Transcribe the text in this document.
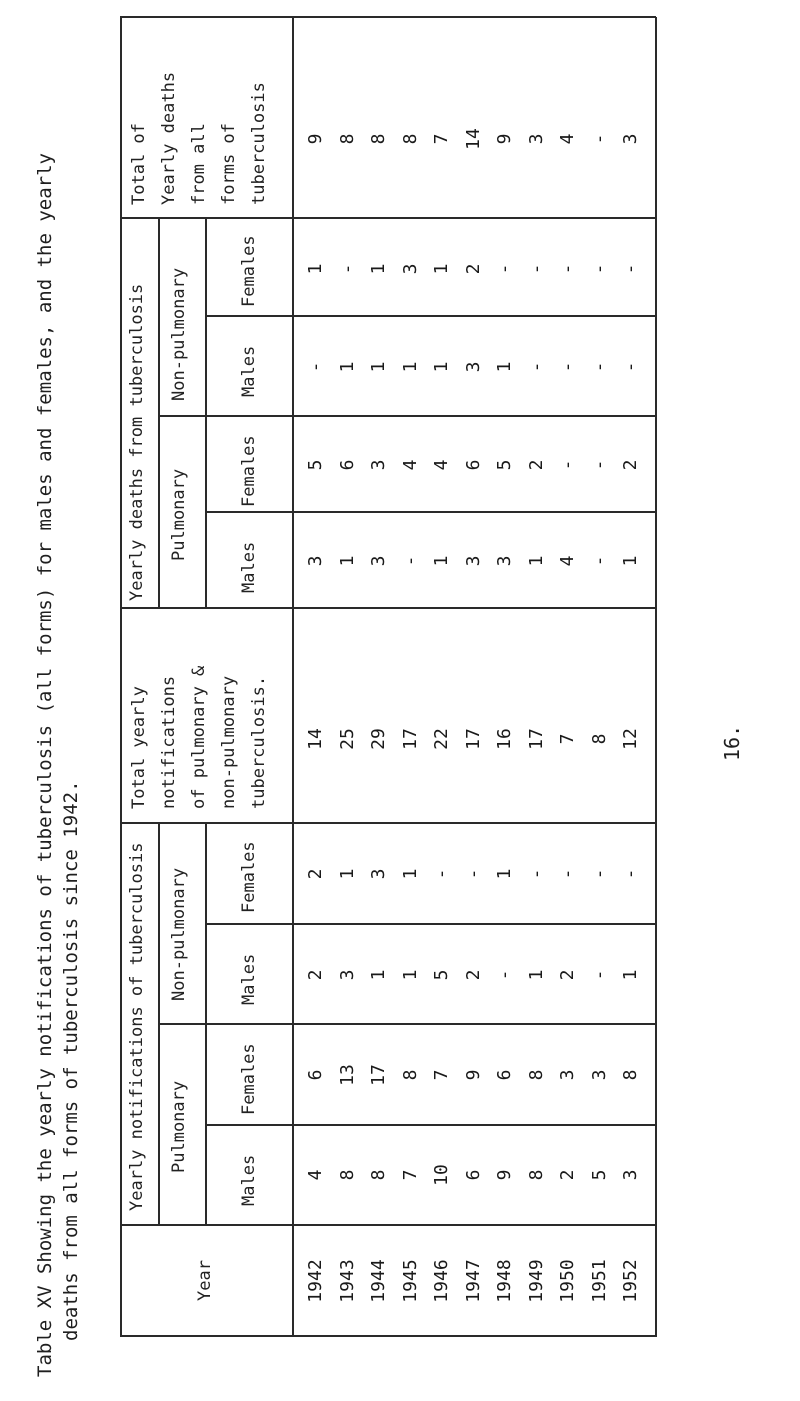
Table XV Showing the yearly notifications of tuberculosis (all forms) for males and females, and the yearly deaths from all forms of tuberculosis since 1942.	Year
Yearly notifications of tuberculosis Pulmonary
Non-pulmonary
Males
Females
Males
Females
Total yearly notifications of pulmonary & non-pulmonary tuberculosis.
Yearly deaths from tuberculosis Pulmonary
Non-pulmonary
Males
Females
Males
Females
Total of Yearly deaths from all forms of tuberculosis
1942
4
6
2
2
14
3
5
-
1
9
1943
8
13
3
1
25
1
6
1
-
8
1944
8
17
1
3
29
3
3
1
1
8
1945
7
8
1
1
17
-
4
1
3
8
1946
10
7
5
-
22
1
4
1
1
7
1947
6
9
2
-
17
3
6
3
2
14
1948
9
6
-
1
16
3
5
1
-
9
1949
8
8
1
-
17
1
2
-
-
3
1950
2
3
2
-
7
4
-
-
-
4
1951
5
3
-
-
8
-
-
-
-
-
1952
3
8
1
-
12
1
2
-
-
3
16.
